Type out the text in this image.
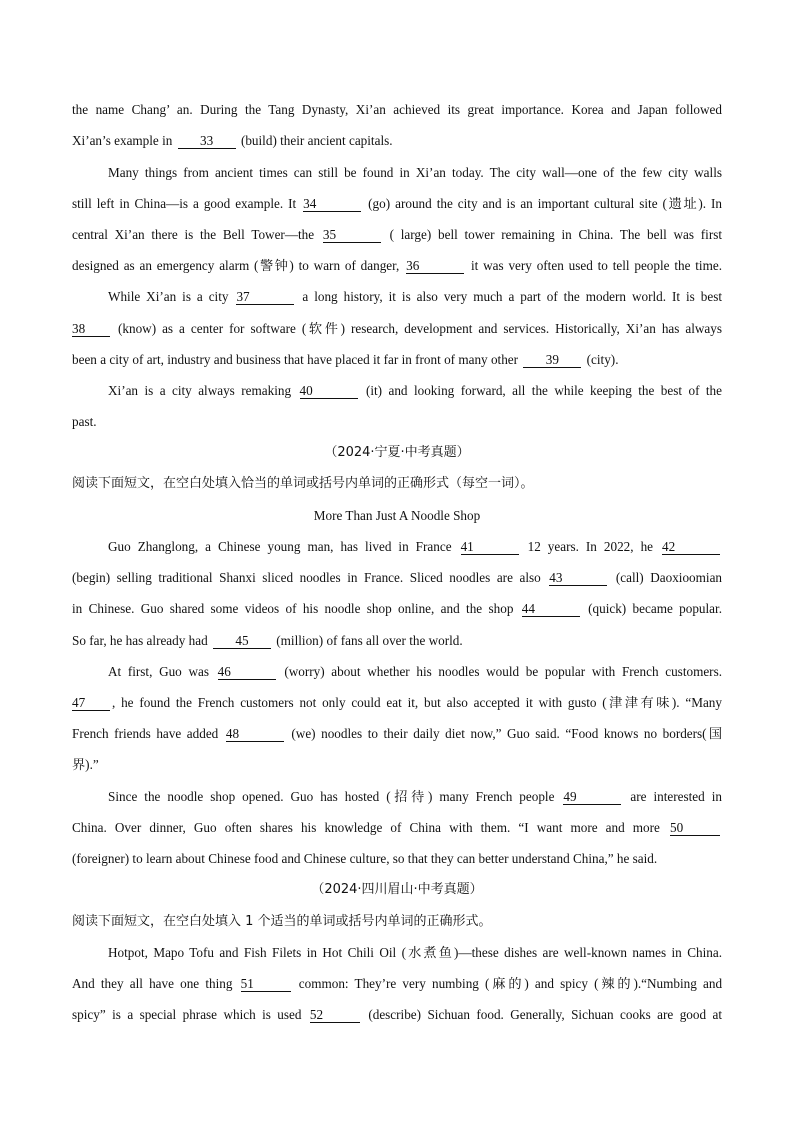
the name Chang’ an. During the Tang Dynasty, Xi’an achieved its great importance. Korea and Japan followed
Xi’an’s example in 33 (build) their ancient capitals.
Many things from ancient times can still be found in Xi’an today. The city wall—one of the few city walls
still left in China—is a good example. It 34	(go) around the city and is an important cultural site (遗址). In
central Xi’an there is the Bell Tower—the 35	( large) bell tower remaining in China. The bell was first
designed as an emergency alarm (警钟) to warn of danger, 36	it was very often used to tell people the time.
While Xi’an is a city 37	a long history, it is also very much a part of the modern world. It is best
38 (know) as a center for software (软件) research, development and services. Historically, Xi’an has always
been a city of art, industry and business that have placed it far in front of many other 39 (city).
Xi’an is a city always remaking 40	(it) and looking forward, all the while keeping the best of the
past.
（2024·宁夏·中考真题）
阅读下面短文，在空白处填入恰当的单词或括号内单词的正确形式（每空一词）。
More Than Just A Noodle Shop
Guo Zhanglong, a Chinese young man, has lived in France 41	12 years. In 2022, he 42
(begin) selling traditional Shanxi sliced noodles in France. Sliced noodles are also 43	(call) Daoxioomian
in Chinese. Guo shared some videos of his noodle shop online, and the shop 44	(quick) became popular.
So far, he has already had 45 (million) of fans all over the world.
At first, Guo was 46	(worry) about whether his noodles would be popular with French customers.
47 , he found the French customers not only could eat it, but also accepted it with gusto (津津有味). “Many
French friends have added 48	(we) noodles to their daily diet now,” Guo said. “Food knows no borders(国
界).”
Since the noodle shop opened. Guo has hosted (招待) many French people 49	are interested in
China. Over dinner, Guo often shares his knowledge of China with them. “I want more and more 50
(foreigner) to learn about Chinese food and Chinese culture, so that they can better understand China,” he said.
（2024·四川眉山·中考真题）
阅读下面短文，在空白处填入 1 个适当的单词或括号内单词的正确形式。
Hotpot, Mapo Tofu and Fish Filets in Hot Chili Oil (水煮鱼)—these dishes are well-known names in China.
And they all have one thing 51	common: They’re very numbing (麻的) and spicy (辣的).“Numbing and
spicy” is a special phrase which is used 52	(describe) Sichuan food. Generally, Sichuan cooks are good at
